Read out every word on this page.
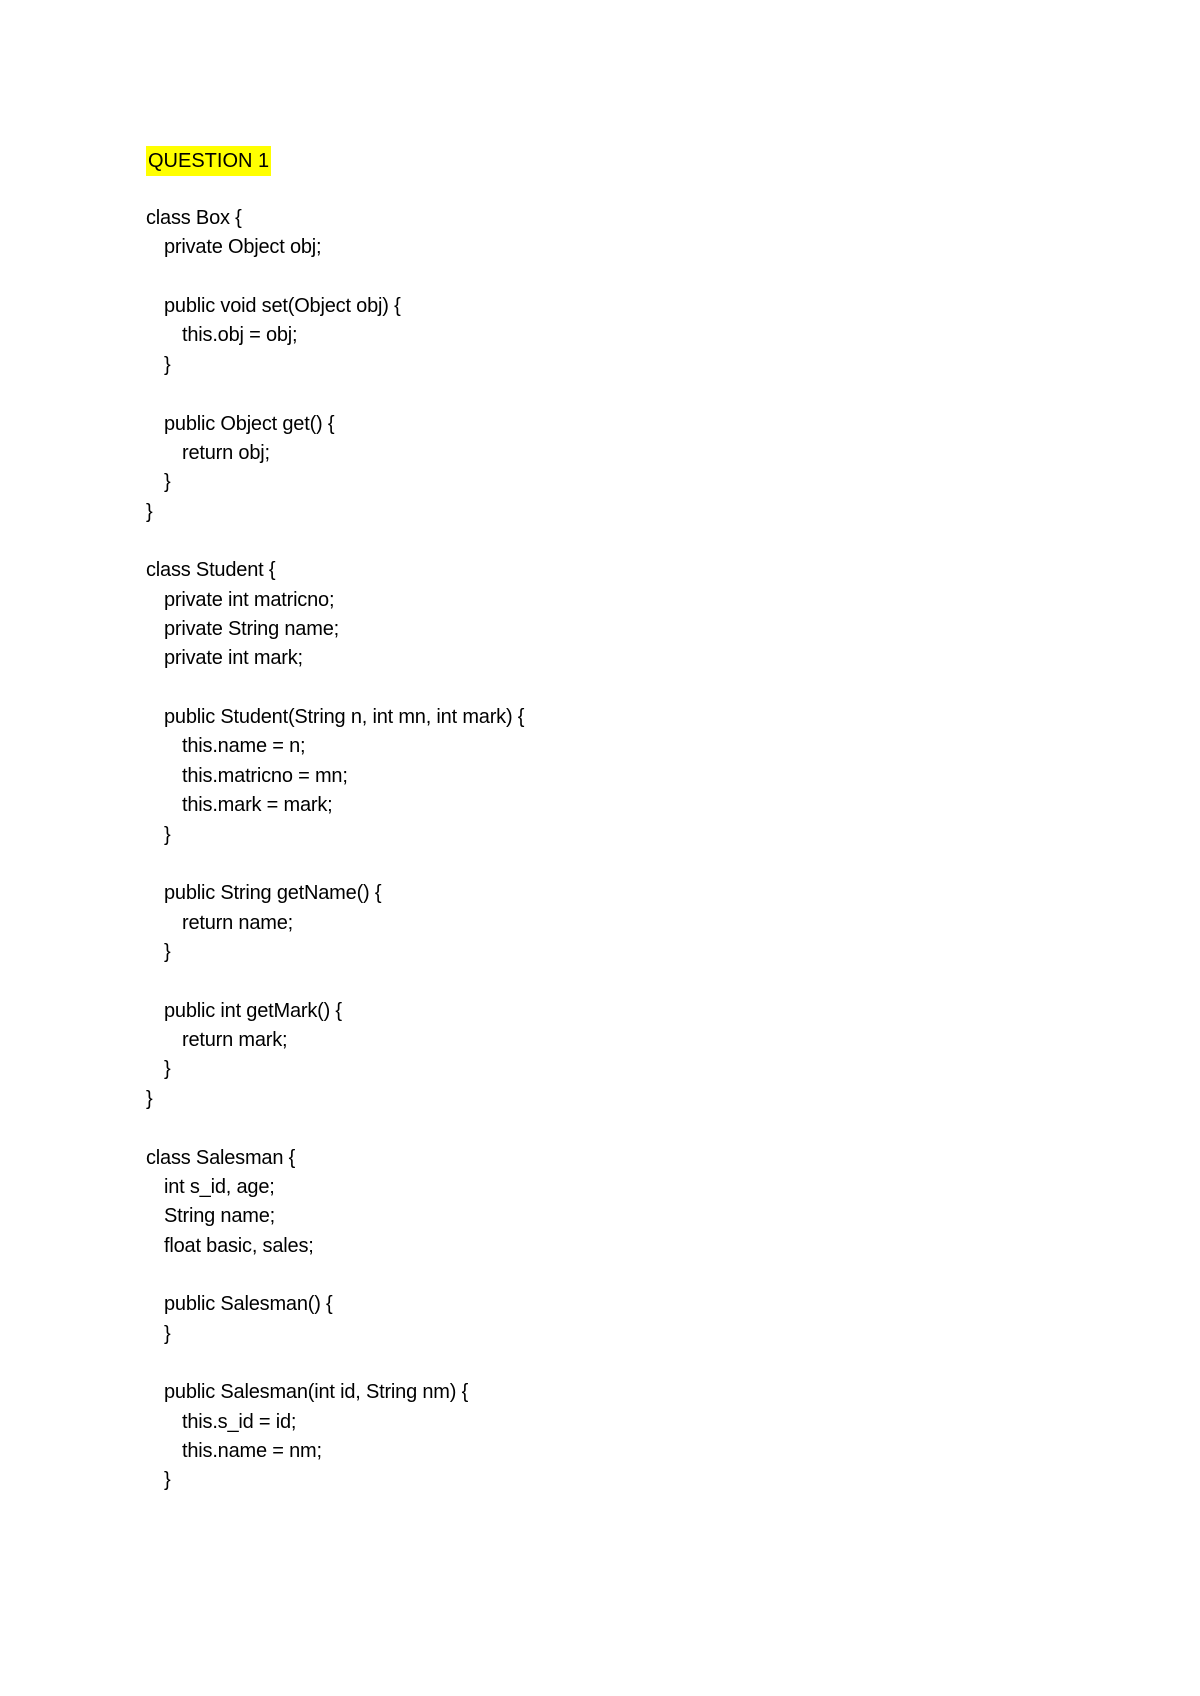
QUESTION 1
class Box {
private Object obj;
public void set(Object obj) {
this.obj = obj;
}
public Object get() {
return obj;
}
}
class Student {
private int matricno;
private String name;
private int mark;
public Student(String n, int mn, int mark) {
this.name = n;
this.matricno = mn;
this.mark = mark;
}
public String getName() {
return name;
}
public int getMark() {
return mark;
}
}
class Salesman {
int s_id, age;
String name;
float basic, sales;
public Salesman() {
}
public Salesman(int id, String nm) {
this.s_id = id;
this.name = nm;
}
